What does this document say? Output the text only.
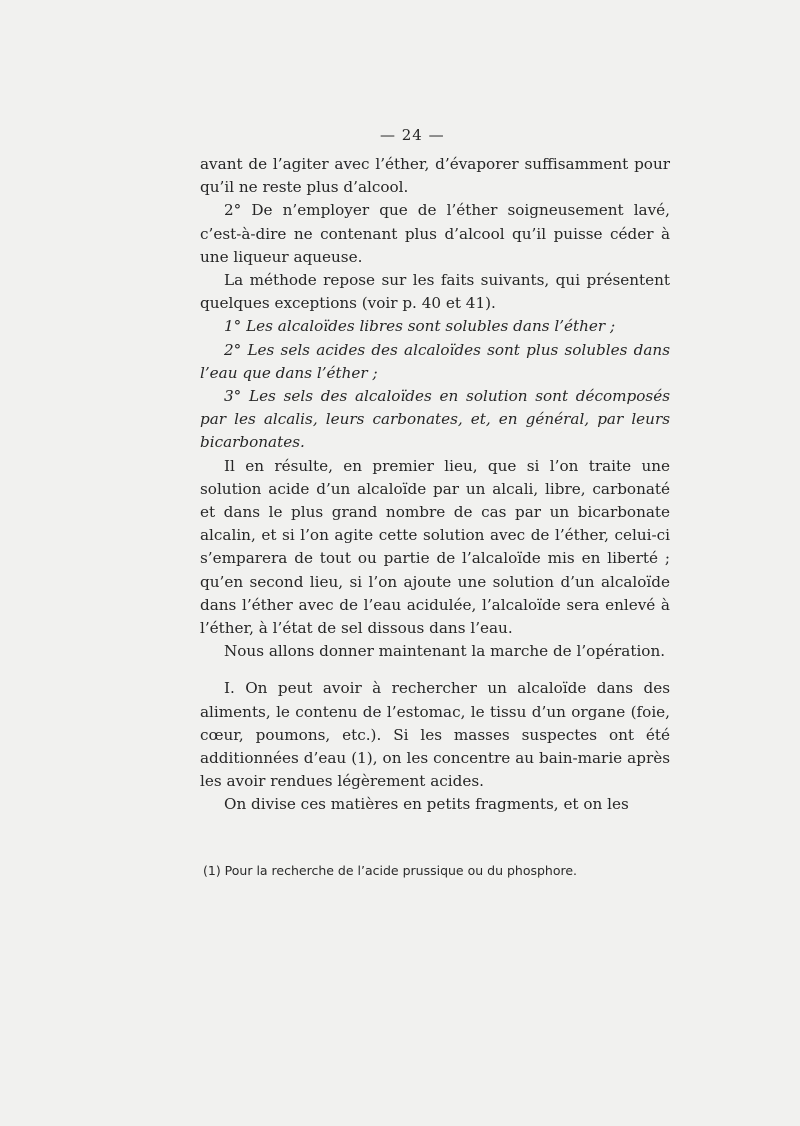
— 24 —

avant de l’agiter avec l’éther, d’évaporer suffisamment pour qu’il ne reste plus d’alcool.

2° De n’employer que de l’éther soigneusement lavé, c’est-à-dire ne contenant plus d’alcool qu’il puisse céder à une liqueur aqueuse.

La méthode repose sur les faits suivants, qui présentent quelques exceptions (voir p. 40 et 41).

1° Les alcaloïdes libres sont solubles dans l’éther ;

2° Les sels acides des alcaloïdes sont plus solubles dans l’eau que dans l’éther ;

3° Les sels des alcaloïdes en solution sont décomposés par les alcalis, leurs carbonates, et, en général, par leurs bicarbonates.

Il en résulte, en premier lieu, que si l’on traite une solution acide d’un alcaloïde par un alcali, libre, carbonaté et dans le plus grand nombre de cas par un bicarbonate alcalin, et si l’on agite cette solution avec de l’éther, celui-ci s’emparera de tout ou partie de l’alcaloïde mis en liberté ; qu’en second lieu, si l’on ajoute une solution d’un alcaloïde dans l’éther avec de l’eau acidulée, l’alcaloïde sera enlevé à l’éther, à l’état de sel dissous dans l’eau.

Nous allons donner maintenant la marche de l’opération.

I. On peut avoir à rechercher un alcaloïde dans des aliments, le contenu de l’estomac, le tissu d’un organe (foie, cœur, poumons, etc.). Si les masses suspectes ont été additionnées d’eau (1), on les concentre au bain-marie après les avoir rendues légèrement acides.

On divise ces matières en petits fragments, et on les

(1) Pour la recherche de l’acide prussique ou du phosphore.
